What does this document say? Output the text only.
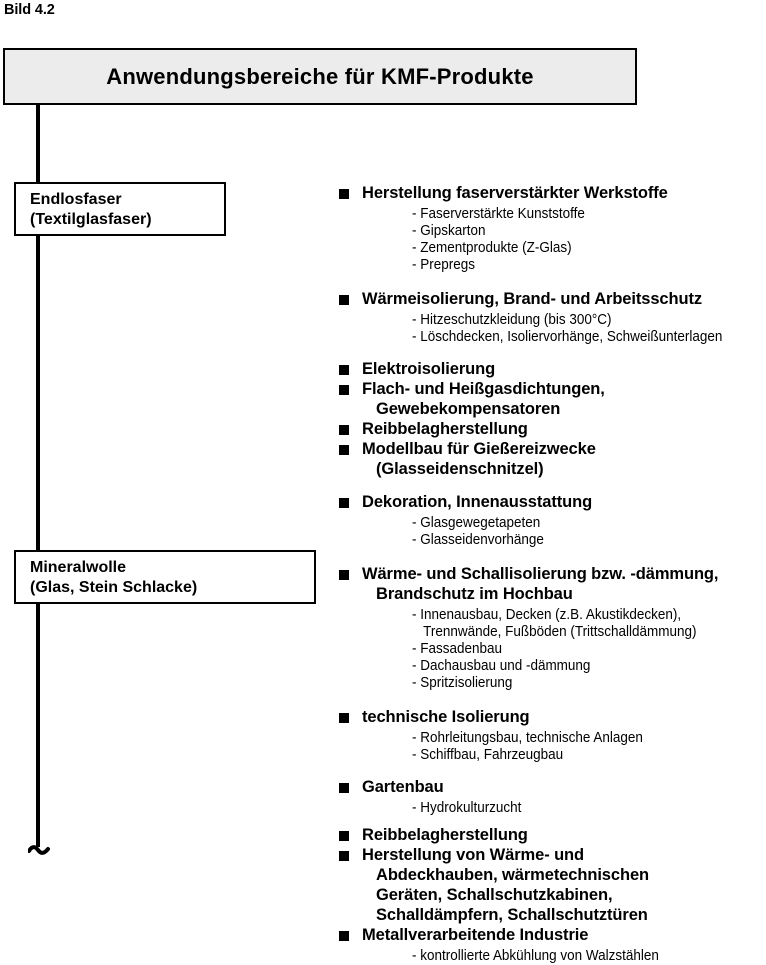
Bild 4.2
Anwendungsbereiche für KMF-Produkte
Endlosfaser
(Textilglasfaser)
Mineralwolle
(Glas, Stein Schlacke)
Herstellung faserverstärkter Werkstoffe
- Faserverstärkte Kunststoffe
- Gipskarton
- Zementprodukte (Z-Glas)
- Prepregs
Wärmeisolierung, Brand- und Arbeitsschutz
- Hitzeschutzkleidung (bis 300°C)
- Löschdecken, Isoliervorhänge, Schweißunterlagen
Elektroisolierung
Flach- und Heißgasdichtungen,
Gewebekompensatoren
Reibbelagherstellung
Modellbau für Gießereizwecke
(Glasseidenschnitzel)
Dekoration, Innenausstattung
- Glasgewegetapeten
- Glasseidenvorhänge
Wärme- und Schallisolierung bzw. -dämmung,
Brandschutz im Hochbau
- Innenausbau, Decken (z.B. Akustikdecken),
Trennwände, Fußböden (Trittschalldämmung)
- Fassadenbau
- Dachausbau und -dämmung
- Spritzisolierung
technische Isolierung
- Rohrleitungsbau, technische Anlagen
- Schiffbau, Fahrzeugbau
Gartenbau
- Hydrokulturzucht
Reibbelagherstellung
Herstellung von Wärme- und
Abdeckhauben, wärmetechnischen
Geräten, Schallschutzkabinen,
Schalldämpfern, Schallschutztüren
Metallverarbeitende Industrie
- kontrollierte Abkühlung von Walzstählen
